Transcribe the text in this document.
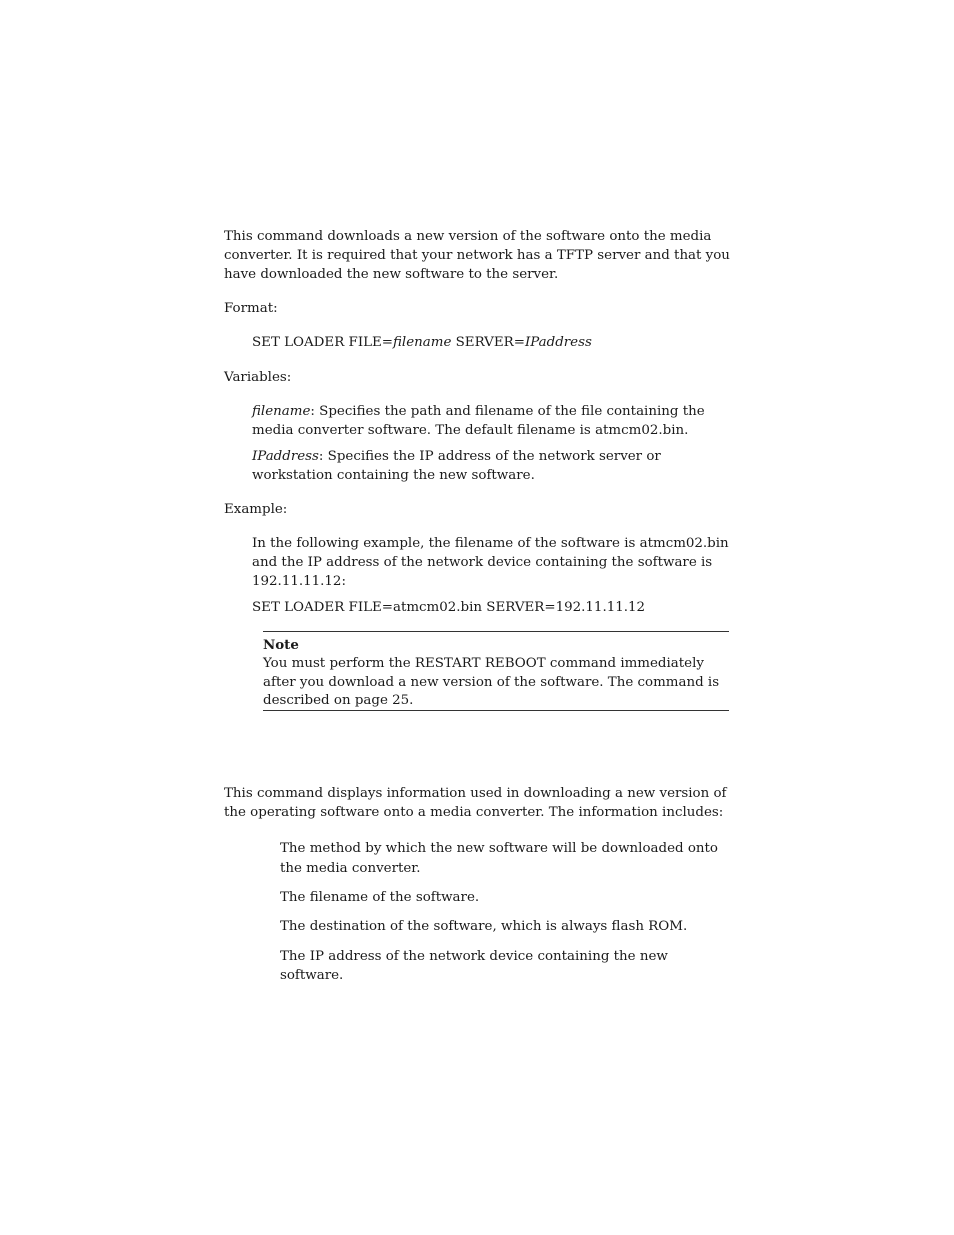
This command downloads a new version of the software onto the media converter. It is required that your network has a TFTP server and that you have downloaded the new software to the server.

Format:

SET LOADER FILE=filename SERVER=IPaddress

Variables:

filename: Specifies the path and filename of the file containing the media converter software. The default filename is atmcm02.bin.

IPaddress: Specifies the IP address of the network server or workstation containing the new software.

Example:

In the following example, the filename of the software is atmcm02.bin and the IP address of the network device containing the software is 192.11.11.12:

SET LOADER FILE=atmcm02.bin SERVER=192.11.11.12

Note

You must perform the RESTART REBOOT command immediately after you download a new version of the software. The command is described on page 25.

This command displays information used in downloading a new version of the operating software onto a media converter. The information includes:

The method by which the new software will be downloaded onto the media converter.

The filename of the software.

The destination of the software, which is always flash ROM.

The IP address of the network device containing the new software.
